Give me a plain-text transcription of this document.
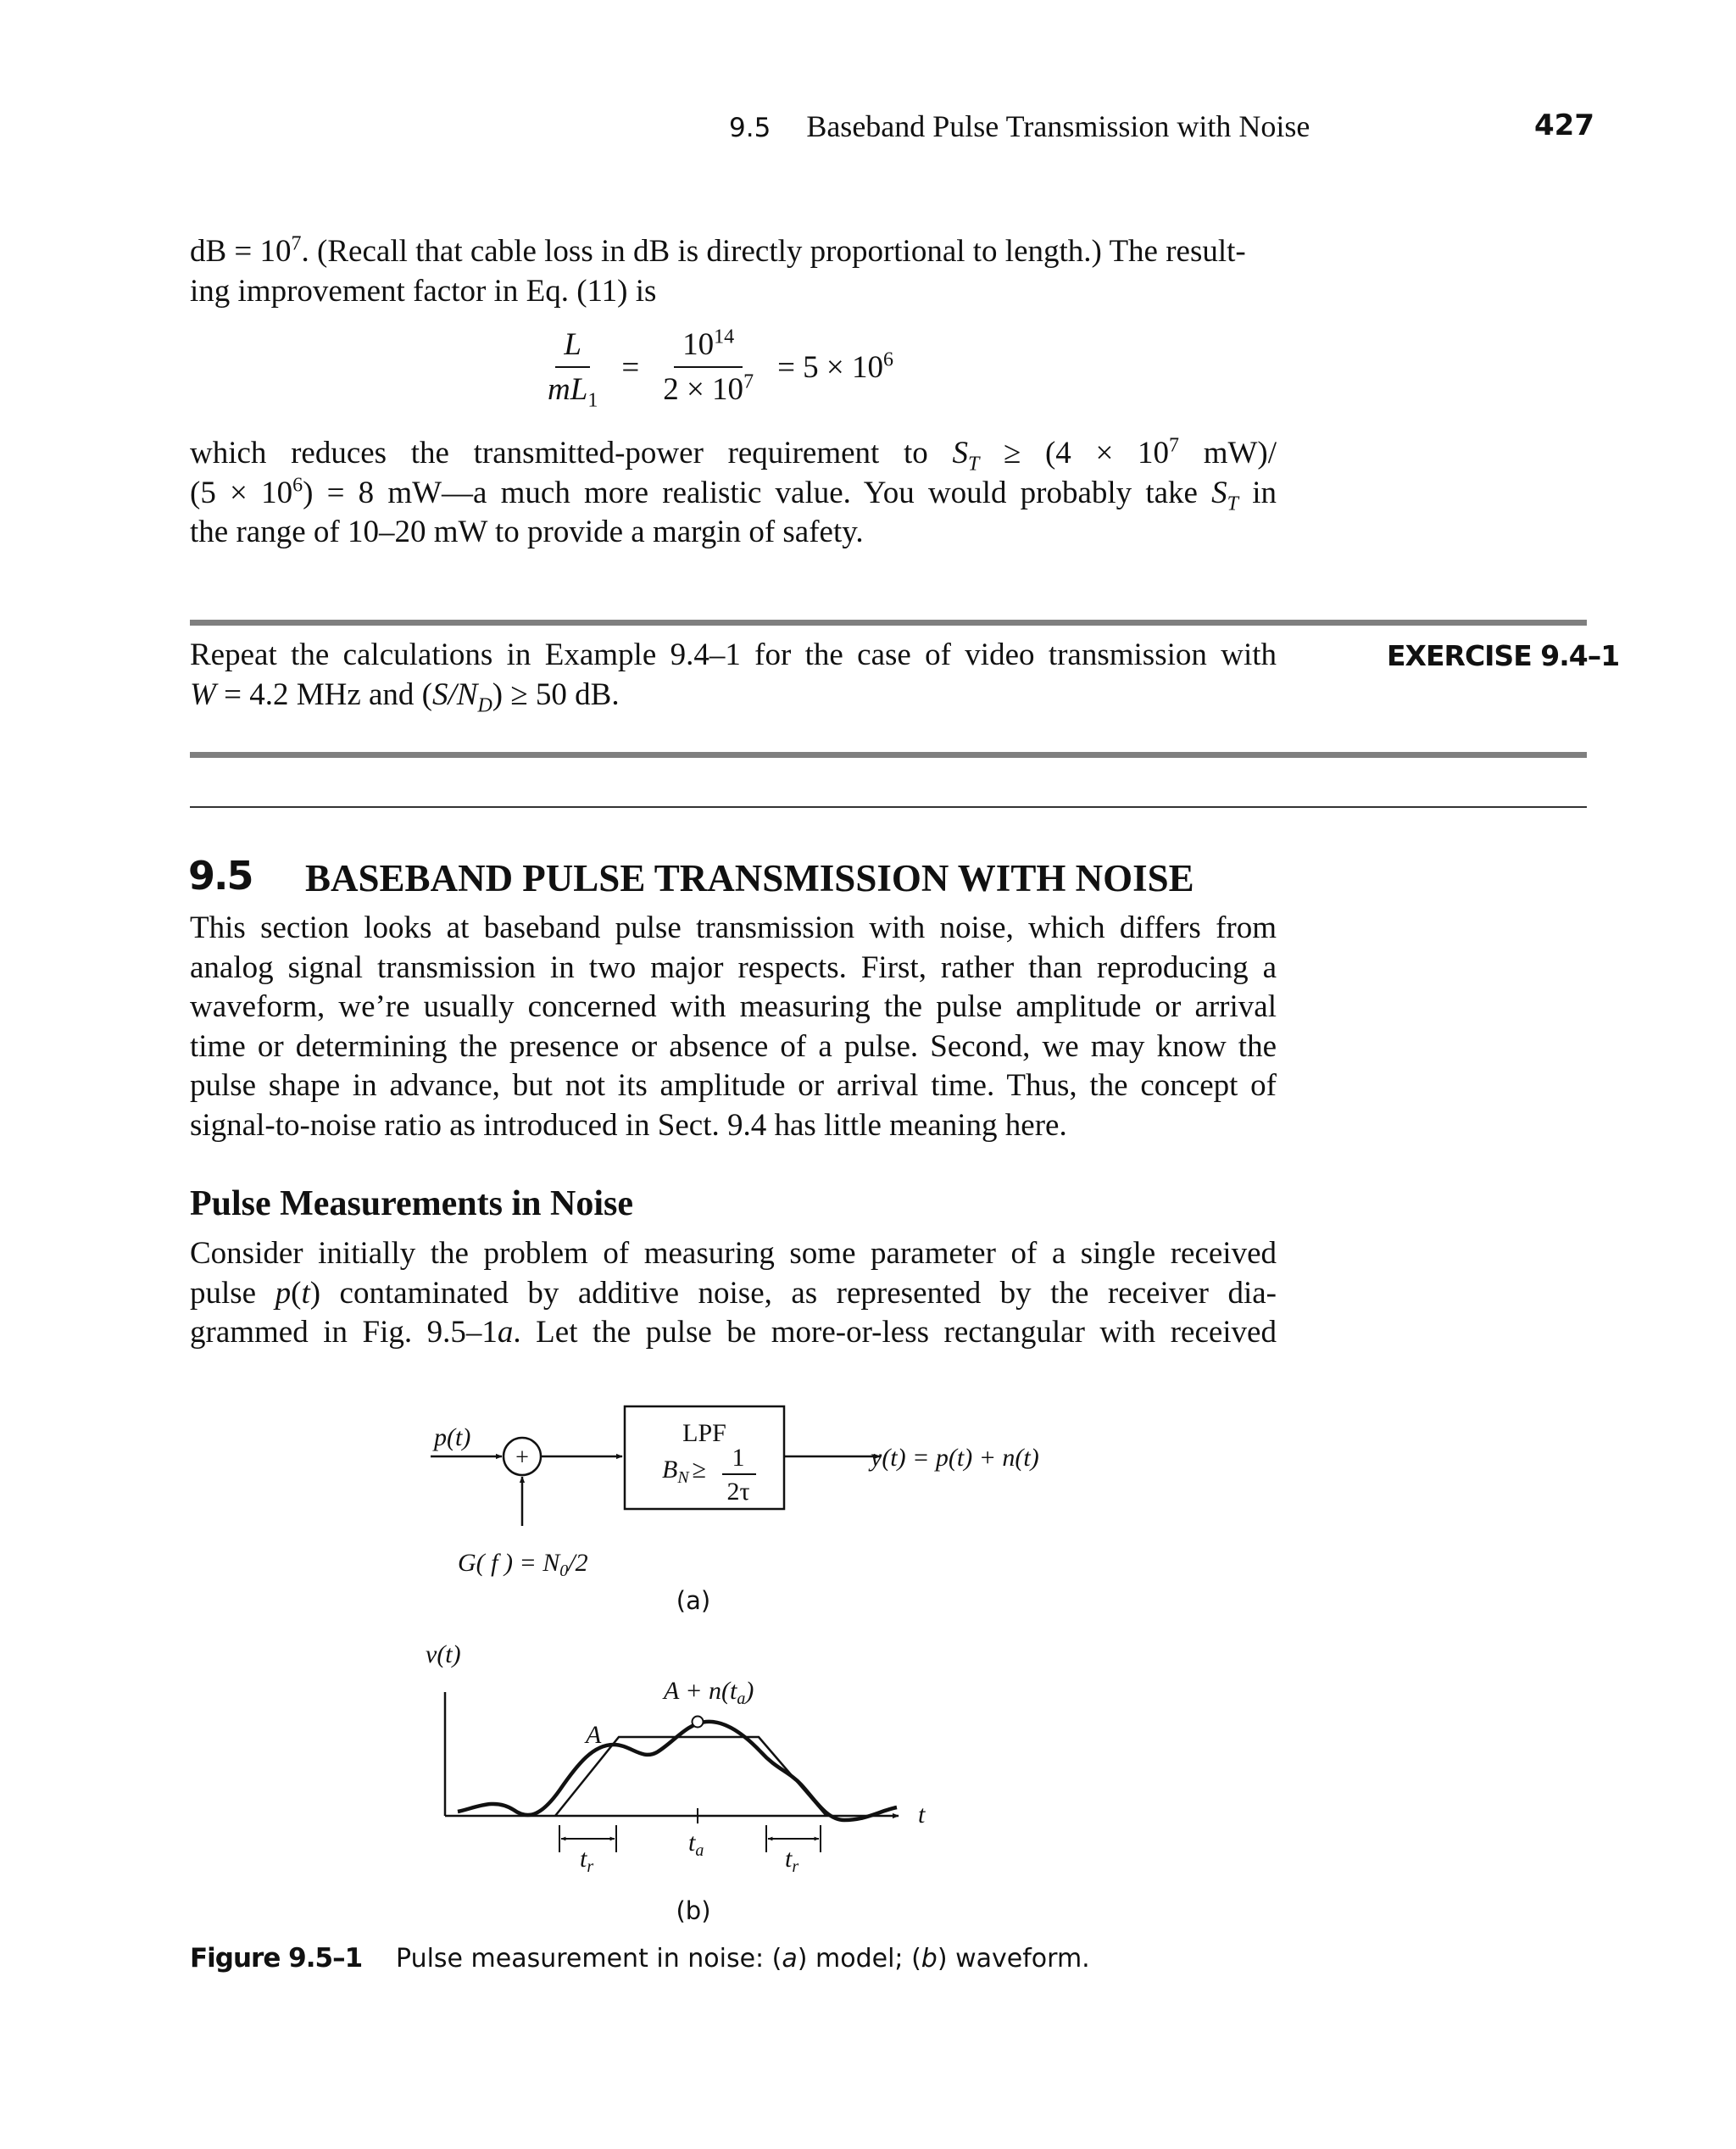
9.5 Baseband Pulse Transmission with Noise	427
dB = $10^7$. (Recall that cable loss in dB is directly proportional to length.) The result-
ing improvement factor in Eq. (11) is
$\frac{L}{mL_1} = \frac{10^{14}}{2 \times 10^7} = 5 \times 10^6$
which reduces the transmitted-power requirement to $S_T \ge (4 \times 10^7$ mW)/
$(5 \times 10^6) = 8$ mW—a much more realistic value. You would probably take $S_T$ in
the range of 10–20 mW to provide a margin of safety.
Repeat the calculations in Example 9.4–1 for the case of video transmission with
W = 4.2 MHz and $(S/N_D) \ge 50$ dB.
EXERCISE 9.4–1
9.5 BASEBAND PULSE TRANSMISSION WITH NOISE
This section looks at baseband pulse transmission with noise, which differs from analog signal transmission in two major respects. First, rather than reproducing a waveform, we’re usually concerned with measuring the pulse amplitude or arrival time or determining the presence or absence of a pulse. Second, we may know the pulse shape in advance, but not its amplitude or arrival time. Thus, the concept of signal-to-noise ratio as introduced in Sect. 9.4 has little meaning here.
Pulse Measurements in Noise
Consider initially the problem of measuring some parameter of a single received
pulse p(t) contaminated by additive noise, as represented by the receiver dia-
grammed in Fig. 9.5–1a. Let the pulse be more-or-less rectangular with received
p(t)
+
G( f ) = $N_0/2$
LPF
$B_N \ge 1$
2τ
y(t) = p(t) + n(t)
(a)
v(t)
$A + n(t_a)$
A
t
$t_a$
$t_r$	$t_r$
(b)
Figure 9.5–1 Pulse measurement in noise: (a) model; (b) waveform.
